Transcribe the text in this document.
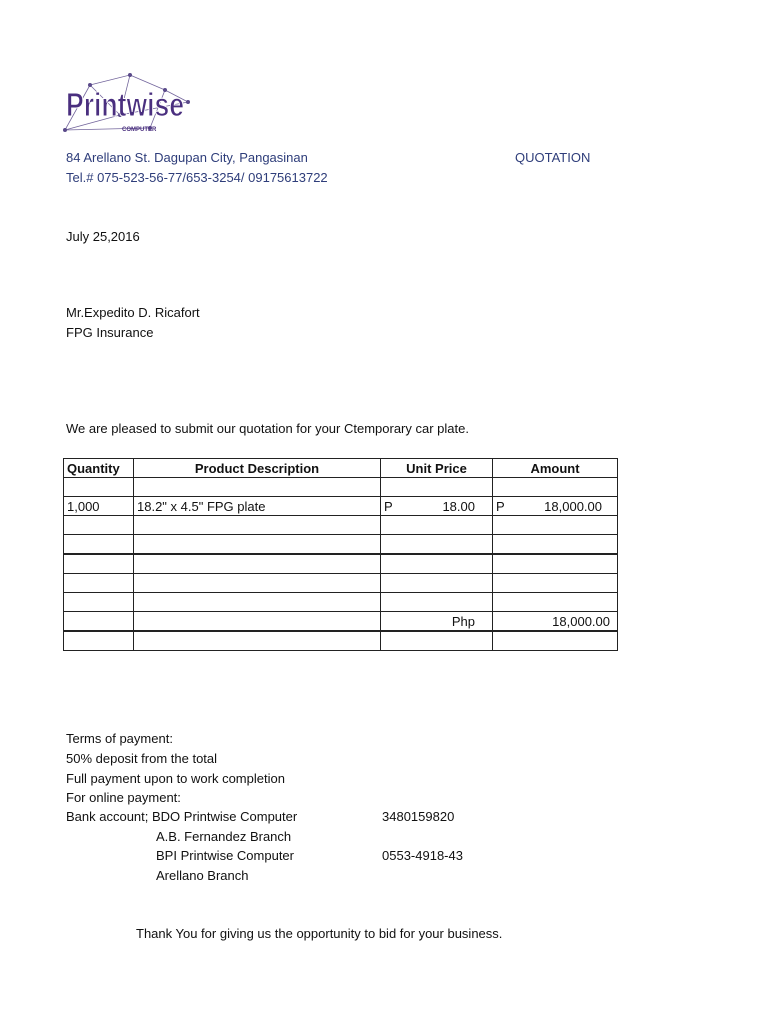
Printwise
COMPUTER
84 Arellano St. Dagupan City, Pangasinan
Tel.# 075-523-56-77/653-3254/ 09175613722
QUOTATION
July 25,2016
Mr.Expedito D. Ricafort
FPG Insurance
We are pleased to submit our quotation for your Ctemporary car plate.
Quantity	Product Description	Unit Price	Amount

1,000	18.2" x 4.5" FPG plate	P 18.00	P 18,000.00

		Php	18,000.00

Terms of payment:
50% deposit from the total
Full payment upon to work completion
For online payment:
Bank account; BDO Printwise Computer	3480159820
A.B. Fernandez Branch
BPI Printwise Computer	0553-4918-43
Arellano Branch
Thank You for giving us the opportunity to bid for your business.
